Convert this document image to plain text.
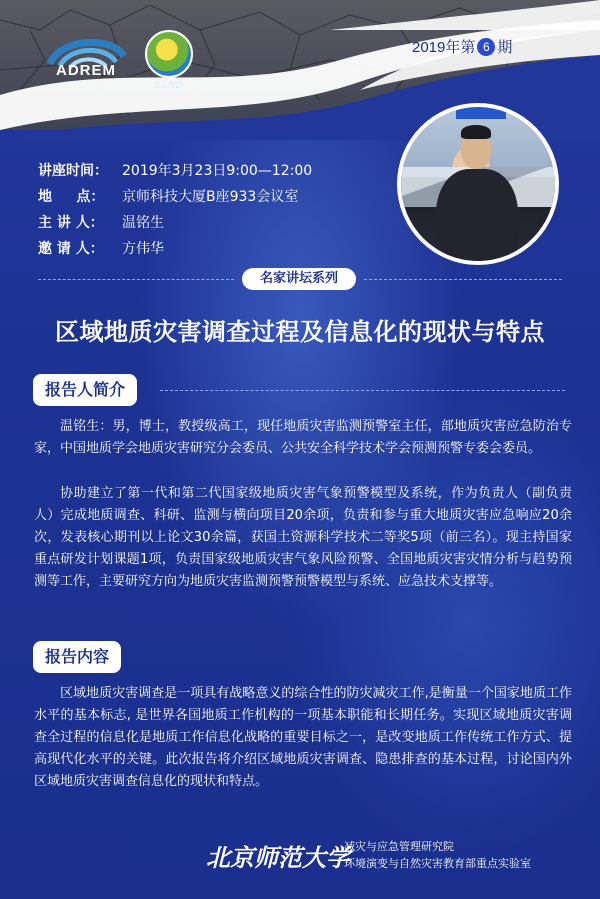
ADREM
ECND
2019年第 6 期
讲座时间：	2019年3月23日9:00—12:00
地     点：	京师科技大厦B座933会议室
主 讲 人：	温铭生
邀 请 人：	方伟华
名家讲坛系列
区域地质灾害调查过程及信息化的现状与特点
报告人简介
温铭生：男，博士，教授级高工，现任地质灾害监测预警室主任，部地质灾害应急防治专家，中国地质学会地质灾害研究分会委员、公共安全科学技术学会预测预警专委会委员。
协助建立了第一代和第二代国家级地质灾害气象预警模型及系统，作为负责人（副负责人）完成地质调查、科研、监测与横向项目20余项，负责和参与重大地质灾害应急响应20余次，发表核心期刊以上论文30余篇，获国土资源科学技术二等奖5项（前三名）。现主持国家重点研发计划课题1项，负责国家级地质灾害气象风险预警、全国地质灾害灾情分析与趋势预测等工作，主要研究方向为地质灾害监测预警预警模型与系统、应急技术支撑等。
报告内容
区域地质灾害调查是一项具有战略意义的综合性的防灾减灾工作,是衡量一个国家地质工作水平的基本标志, 是世界各国地质工作机构的一项基本职能和长期任务。实现区域地质灾害调查全过程的信息化是地质工作信息化战略的重要目标之一，是改变地质工作传统工作方式、提高现代化水平的关键。此次报告将介绍区域地质灾害调查、隐患排查的基本过程，讨论国内外区域地质灾害调查信息化的现状和特点。
北京师范大学
减灾与应急管理研究院
环境演变与自然灾害教育部重点实验室
